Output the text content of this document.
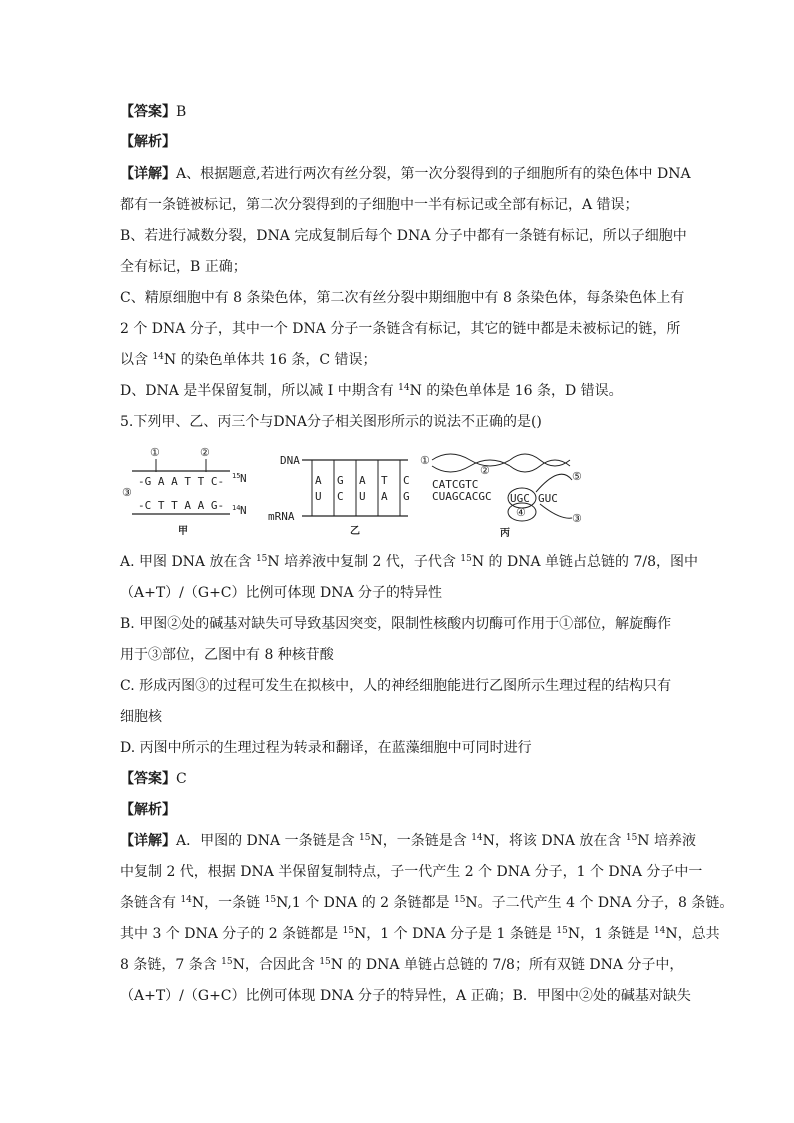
【答案】B
【解析】
【详解】A、根据题意,若进行两次有丝分裂，第一次分裂得到的子细胞所有的染色体中 DNA
都有一条链被标记，第二次分裂得到的子细胞中一半有标记或全部有标记，A 错误；
B、若进行减数分裂，DNA 完成复制后每个 DNA 分子中都有一条链有标记，所以子细胞中
全有标记，B 正确；
C、精原细胞中有 8 条染色体，第二次有丝分裂中期细胞中有 8 条染色体，每条染色体上有
2 个 DNA 分子，其中一个 DNA 分子一条链含有标记，其它的链中都是未被标记的链，所
以含 $^{14}$N 的染色单体共 16 条，C 错误；
D、DNA 是半保留复制，所以减 I 中期含有 $^{14}$N 的染色单体是 16 条，D 错误。
5.下列甲、乙、丙三个与DNA分子相关图形所示的说法不正确的是()
①	②
③
-G A A T T C-
-C T T A A G-
15 N
14 N
甲
DNA
mRNA
A
U
G
C
A
U
T
A
C
G
乙
①
②
CATCGTC
CUAGCACGC UGC
④
GUC
⑤
③
丙
A. 甲图 DNA 放在含 $^{15}$N 培养液中复制 2 代，子代含 $^{15}$N 的 DNA 单链占总链的 7/8，图中
（A+T）/（G+C）比例可体现 DNA 分子的特异性
B. 甲图②处的碱基对缺失可导致基因突变，限制性核酸内切酶可作用于①部位，解旋酶作
用于③部位，乙图中有 8 种核苷酸
C. 形成丙图③的过程可发生在拟核中，人的神经细胞能进行乙图所示生理过程的结构只有
细胞核
D. 丙图中所示的生理过程为转录和翻译，在蓝藻细胞中可同时进行
【答案】C
【解析】
【详解】A．甲图的 DNA 一条链是含 $^{15}$N，一条链是含 $^{14}$N，将该 DNA 放在含 $^{15}$N 培养液
中复制 2 代，根据 DNA 半保留复制特点，子一代产生 2 个 DNA 分子，1 个 DNA 分子中一
条链含有 $^{14}$N，一条链 $^{15}$N,1 个 DNA 的 2 条链都是 $^{15}$N。子二代产生 4 个 DNA 分子，8 条链。
其中 3 个 DNA 分子的 2 条链都是 $^{15}$N，1 个 DNA 分子是 1 条链是 $^{15}$N，1 条链是 $^{14}$N，总共
8 条链，7 条含 $^{15}$N，合因此含 $^{15}$N 的 DNA 单链占总链的 7/8；所有双链 DNA 分子中，
（A+T）/（G+C）比例可体现 DNA 分子的特异性，A 正确；B．甲图中②处的碱基对缺失
